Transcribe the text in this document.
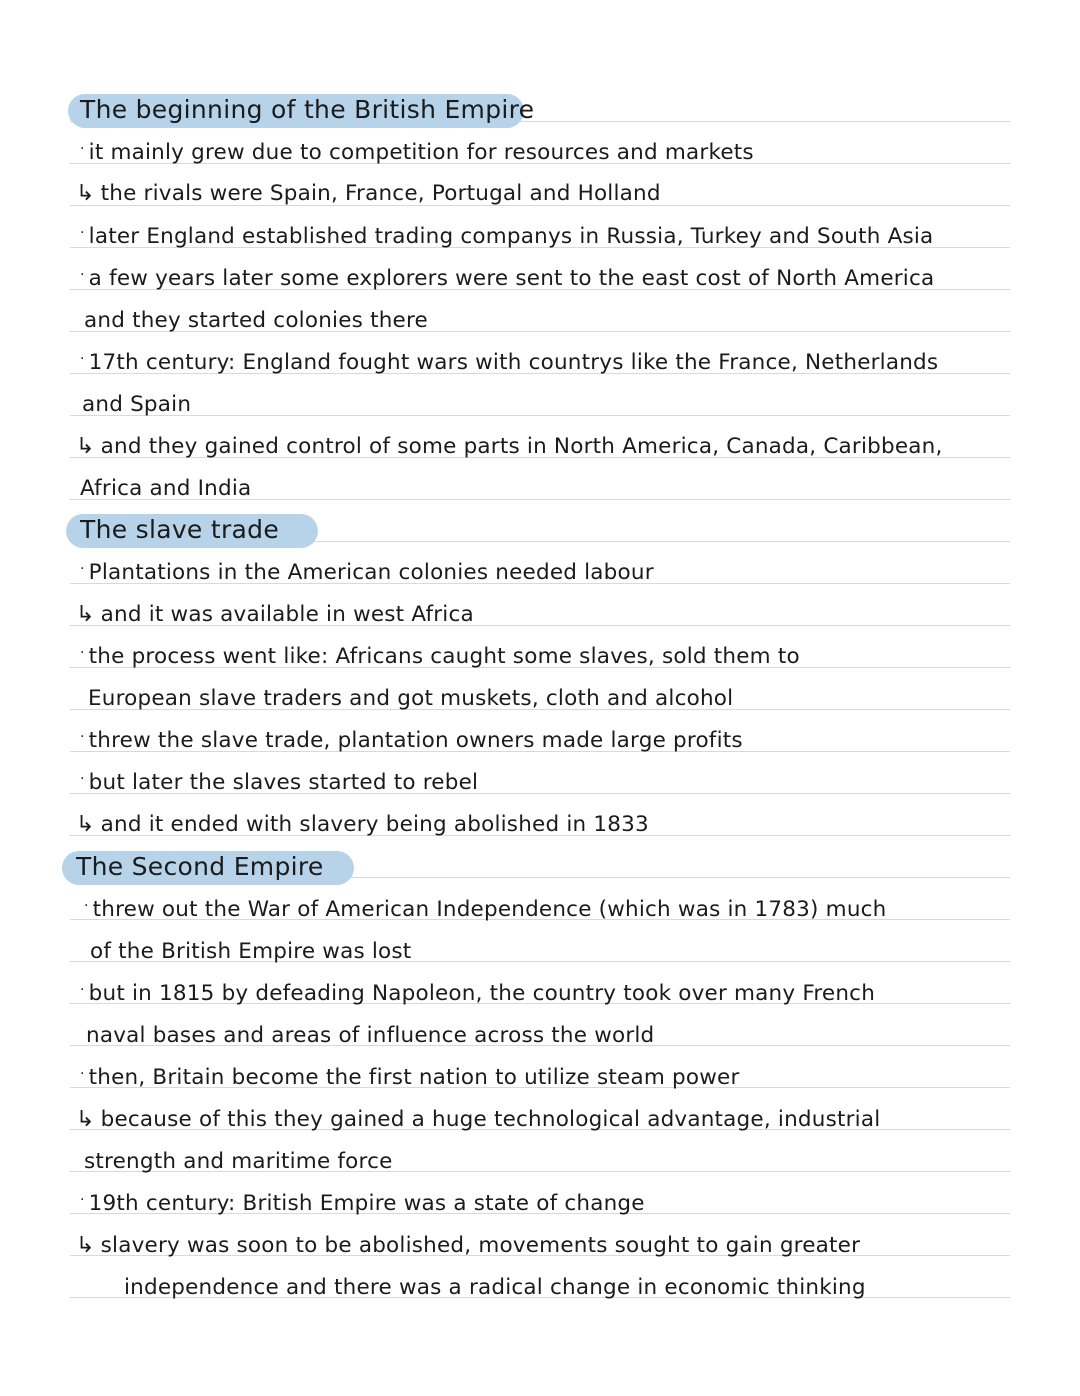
The beginning of the British Empire
· it mainly grew due to competition for resources and markets
↳ the rivals were Spain, France, Portugal and Holland
· later England established trading companys in Russia, Turkey and South Asia
· a few years later some explorers were sent to the east cost of North America
and they started colonies there
· 17th century: England fought wars with countrys like the France, Netherlands
and Spain
↳ and they gained control of some parts in North America, Canada, Caribbean,
Africa and India
The slave trade
· Plantations in the American colonies needed labour
↳ and it was available in west Africa
· the process went like: Africans caught some slaves, sold them to
European slave traders and got muskets, cloth and alcohol
· threw the slave trade, plantation owners made large profits
· but later the slaves started to rebel
↳ and it ended with slavery being abolished in 1833
The Second Empire
· threw out the War of American Independence (which was in 1783) much
of the British Empire was lost
· but in 1815 by defeading Napoleon, the country took over many French
naval bases and areas of influence across the world
· then, Britain become the first nation to utilize steam power
↳ because of this they gained a huge technological advantage, industrial
strength and maritime force
· 19th century: British Empire was a state of change
↳ slavery was soon to be abolished, movements sought to gain greater
independence and there was a radical change in economic thinking
